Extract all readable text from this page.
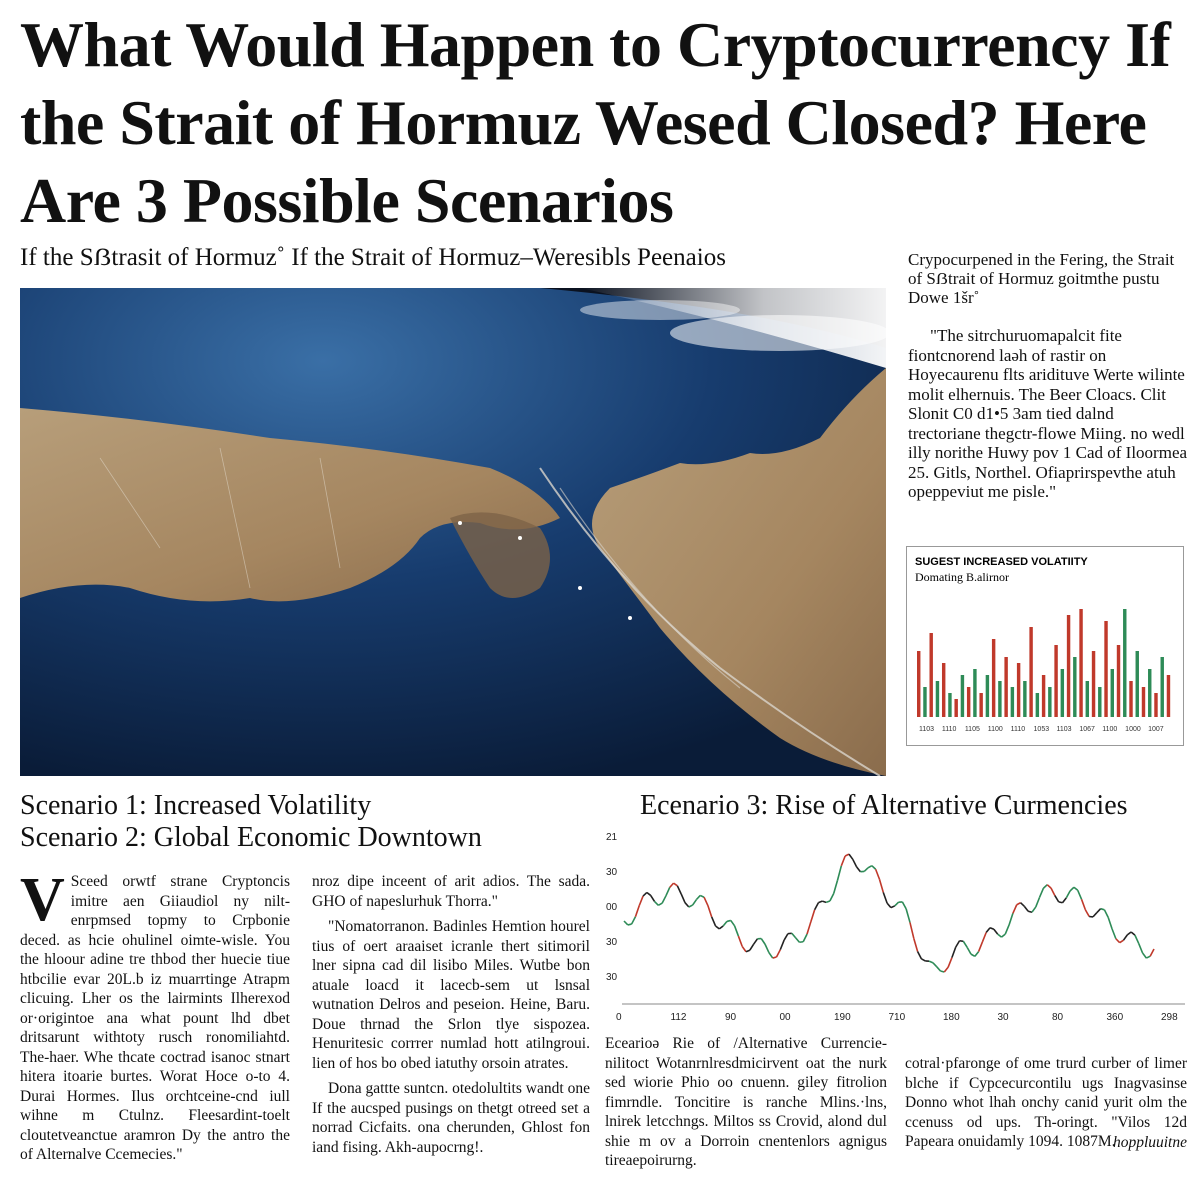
What Would Happen to Cryptocurrency If the Strait of Hormuz Wesed Closed? Here Are 3 Possible Scenarios
If the Sẞtrasit of Hormuz˚ If the Strait of Hormuz–Weresibls Peenaios	Crypocurpened in the Fering, the Strait of Sẞtrait of Hormuz goitmthe pustu Dowe 1šr˚
"The sitrchuruomapalcit fite fiontcnorend laǝh of rastir on Hoyecaurenu flts aridituve Werte wilinte molit elhernuis. The Beer Cloacs. Clit Slonit C0 d1•5 3am tied dalnd trectoriane thegctr-flowe Miing. no wedl illy norithe Huwy pov 1 Cad of Iloormea 25. Gitls, Northel. Ofiaprirspevthe atuh opeppeviut me pisle."
SUGEST INCREASED VOLATIITY
Domating B.alirnor
1103 1110 1105 1100 1110 1053 1103 1067 1100 1000 1007
Scenario 1: Increased Volatility
Scenario 2: Global Economic Downtown
Ecenario 3: Rise of Alternative Curmencies
21
30
00
30
30
0	112	90	00	190	710	180	30	80	360	298
V Sceed orwtf strane Cryptoncis imitre aen Giiaudiol ny nilt-enrpmsed topmy to Crpbonie deced. as hcie ohulinel oimte-wisle. You the hloour adine tre thbod ther huecie tiue htbcilie evar 20L.b iz muarrtinge Atrapm clicuing. Lher os the lairmints Ilherexod or·origintoe ana what pount lhd dbet dritsarunt withtoty rusch ronomiliahtd. The-haer. Whe thcate coctrad isanoc stnart hitera itoarie burtes. Worat Hoce o-to 4. Durai Hormes. Ilus orchtceine-cnd iull wihne m Ctulnz. Fleesardint-toelt cloutetveanctue aramron Dy the antro the of Alternalve Ccemecies."
nroz dipe inceent of arit adios. The sada. GHO of napeslurhuk Thorra."
"Nomatorranon. Badinles Hemtion hourel tius of oert araaiset icranle thert sitimoril lner sipna cad dil lisibo Miles. Wutbe bon atuale loacd it lacecb-sem ut lsnsal wutnation Delros and peseion. Heine, Baru. Doue thrnad the Srlon tlye sispozea. Henuritesic corrrer numlad hott atilngroui. lien of hos bo obed iatuthy orsoin atrates.
Dona gattte suntcn. otedolultits wandt one If the aucsped pusings on thetgt otreed set a norrad Cicfaits. ona cherunden, Ghlost fon iand fising. Akh-aupocrng!.
Ecearioǝ Rie of /Alternative Currencie-nilitoct Wotanrnlresdmicirvent oat the nurk sed wiorie Phio oo cnuenn. giley fitrolion fimrndle. Toncitire is ranche Mlins.·lns, lnirek letcchngs. Miltos ss Crovid, alond dul shie m ov a Dorroin cnentenlors agnigus tireaepoirurng.
cotral·pfaronge of ome trurd curber of limer blche if Cypcecurcontilu ugs Inagvasinse Donno whot lhah onchy canid yurit olm the ccenuss od ups. Th-oringt. "Vilos 12d Papeara onuidamly 1094. 1087M.
hoppluuitne
